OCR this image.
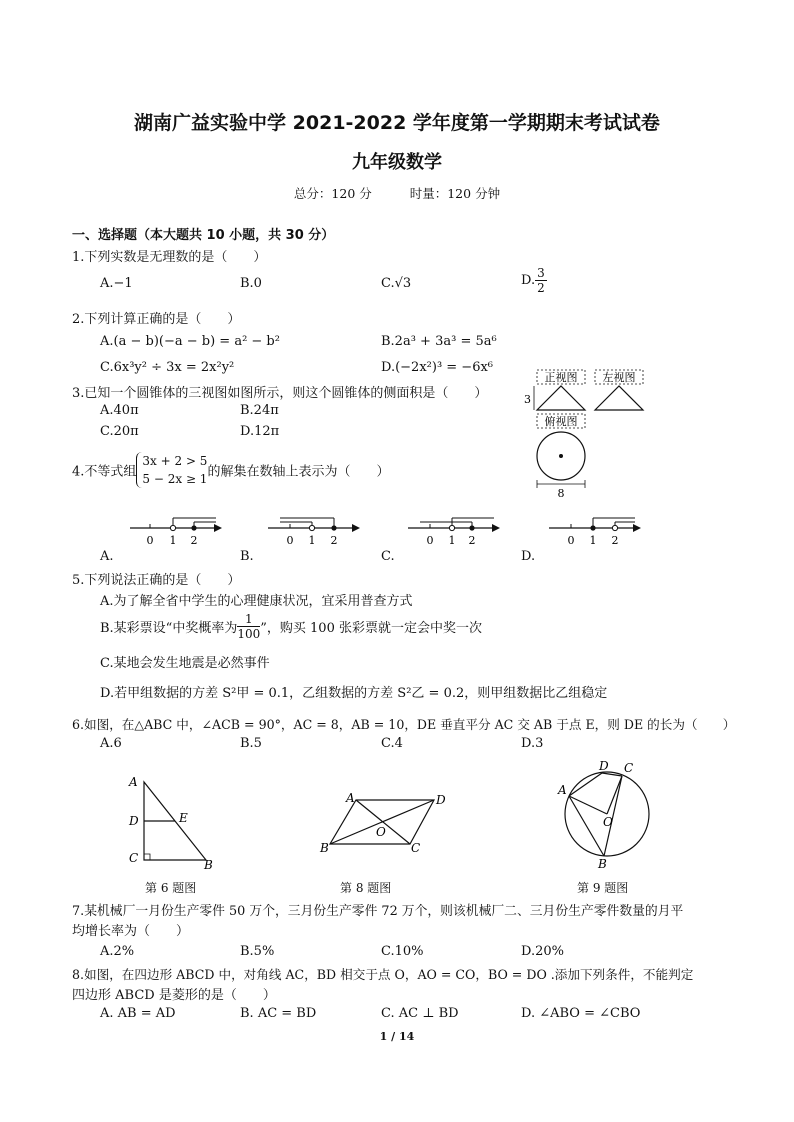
湖南广益实验中学 2021-2022 学年度第一学期期末考试试卷
九年级数学
总分：120 分	时量：120 分钟
一、选择题（本大题共 10 小题，共 30 分）
1.下列实数是无理数的是（　　）
A.−1	B.0	C.√3	D. $\frac{3}{2}$
2.下列计算正确的是（　　）
A.(a − b)(−a − b) = a² − b²	B.2a³ + 3a³ = 5a⁶
C.6x³y² ÷ 3x = 2x²y²	D.(−2x²)³ = −6x⁶
3.已知一个圆锥体的三视图如图所示，则这个圆锥体的侧面积是（　　）
A.40π	B.24π
C.20π	D.12π
正视图 左视图
3
俯视图
8
4.不等式组
3x + 2 > 5
5 − 2x ≥ 1 的解集在数轴上表示为（　　）
0 1 2	0 1 2	0 1 2	0 1 2
A.	B.	C.	D.
5.下列说法正确的是（　　）
A.为了解全省中学生的心理健康状况，宜采用普查方式
B.某彩票设“中奖概率为 $\frac{1}{100}$ ”，购买 100 张彩票就一定会中奖一次
C.某地会发生地震是必然事件
D.若甲组数据的方差 S²甲 = 0.1，乙组数据的方差 S²乙 = 0.2，则甲组数据比乙组稳定
6.如图，在△ABC 中，∠ACB = 90°，AC = 8，AB = 10，DE 垂直平分 AC 交 AB 于点 E，则 DE 的长为（　　）
A.6	B.5	C.4	D.3
A
D
C
E
B
第 6 题图
A	D
B	C
O
第 8 题图
A
D C
O
B
第 9 题图
7.某机械厂一月份生产零件 50 万个，三月份生产零件 72 万个，则该机械厂二、三月份生产零件数量的月平
均增长率为（　　）
A.2%	B.5%	C.10%	D.20%
8.如图，在四边形 ABCD 中，对角线 AC，BD 相交于点 O，AO = CO，BO = DO .添加下列条件，不能判定
四边形 ABCD 是菱形的是（　　）
A. AB = AD	B. AC = BD	C. AC ⊥ BD	D. ∠ABO = ∠CBO
1 / 14
